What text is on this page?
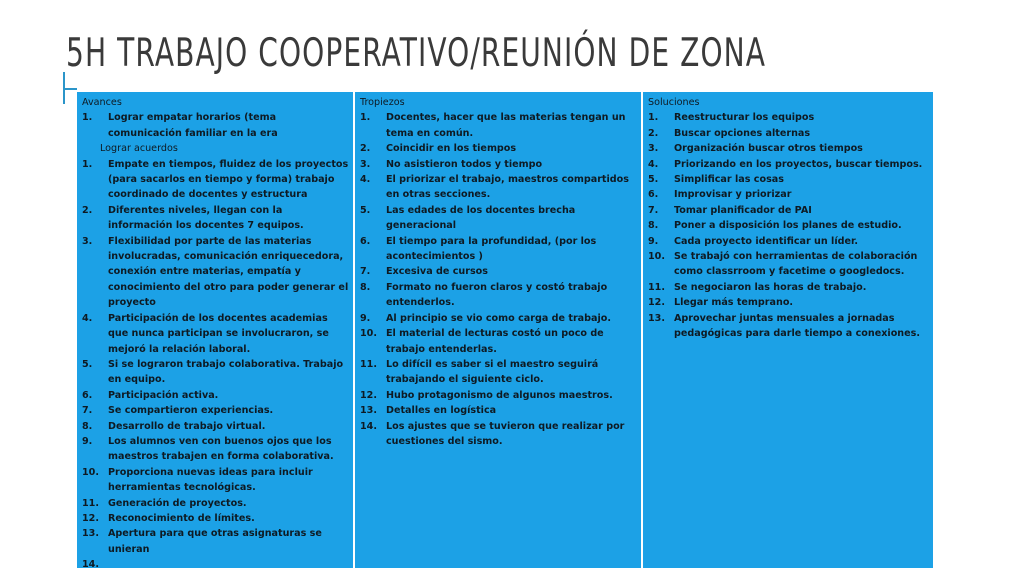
5H TRABAJO COOPERATIVO/REUNIÓN DE ZONA
Avances
1. Lograr empatar horarios (tema comunicación familiar en la era
Lograr acuerdos
1. Empate en tiempos, fluidez de los proyectos (para sacarlos en tiempo y forma) trabajo coordinado de docentes y estructura
2. Diferentes niveles, llegan con la información los docentes 7 equipos.
3. Flexibilidad por parte de las materias involucradas, comunicación enriquecedora, conexión entre materias, empatía y conocimiento del otro para poder generar el proyecto
4. Participación de los docentes academias que nunca participan se involucraron, se mejoró la relación laboral.
5. Si se lograron trabajo colaborativa. Trabajo en equipo.
6. Participación activa.
7. Se compartieron experiencias.
8. Desarrollo de trabajo virtual.
9. Los alumnos ven con buenos ojos que los maestros trabajen en forma colaborativa.
10. Proporciona nuevas ideas para incluir herramientas tecnológicas.
11. Generación de proyectos.
12. Reconocimiento de límites.
13. Apertura para que otras asignaturas se unieran
14.
Tropiezos
1. Docentes, hacer que las materias tengan un tema en común.
2. Coincidir en los tiempos
3. No asistieron todos y tiempo
4. El priorizar el trabajo, maestros compartidos en otras secciones.
5. Las edades de los docentes brecha generacional
6. El tiempo para la profundidad, (por los acontecimientos )
7. Excesiva de cursos
8. Formato no fueron claros y costó trabajo entenderlos.
9. Al principio se vio como carga de trabajo.
10. El material de lecturas costó un poco de trabajo entenderlas.
11. Lo difícil es saber si el maestro seguirá trabajando el siguiente ciclo.
12. Hubo protagonismo de algunos maestros.
13. Detalles en logística
14. Los ajustes que se tuvieron que realizar por cuestiones del sismo.
Soluciones
1. Reestructurar los equipos
2. Buscar opciones alternas
3. Organización buscar otros tiempos
4. Priorizando en los proyectos, buscar tiempos.
5. Simplificar las cosas
6. Improvisar y priorizar
7. Tomar planificador de PAI
8. Poner a disposición los planes de estudio.
9. Cada proyecto identificar un líder.
10. Se trabajó con herramientas de colaboración como classrroom y facetime o googledocs.
11. Se negociaron las horas de trabajo.
12. Llegar más temprano.
13. Aprovechar juntas mensuales a jornadas pedagógicas para darle tiempo a conexiones.
